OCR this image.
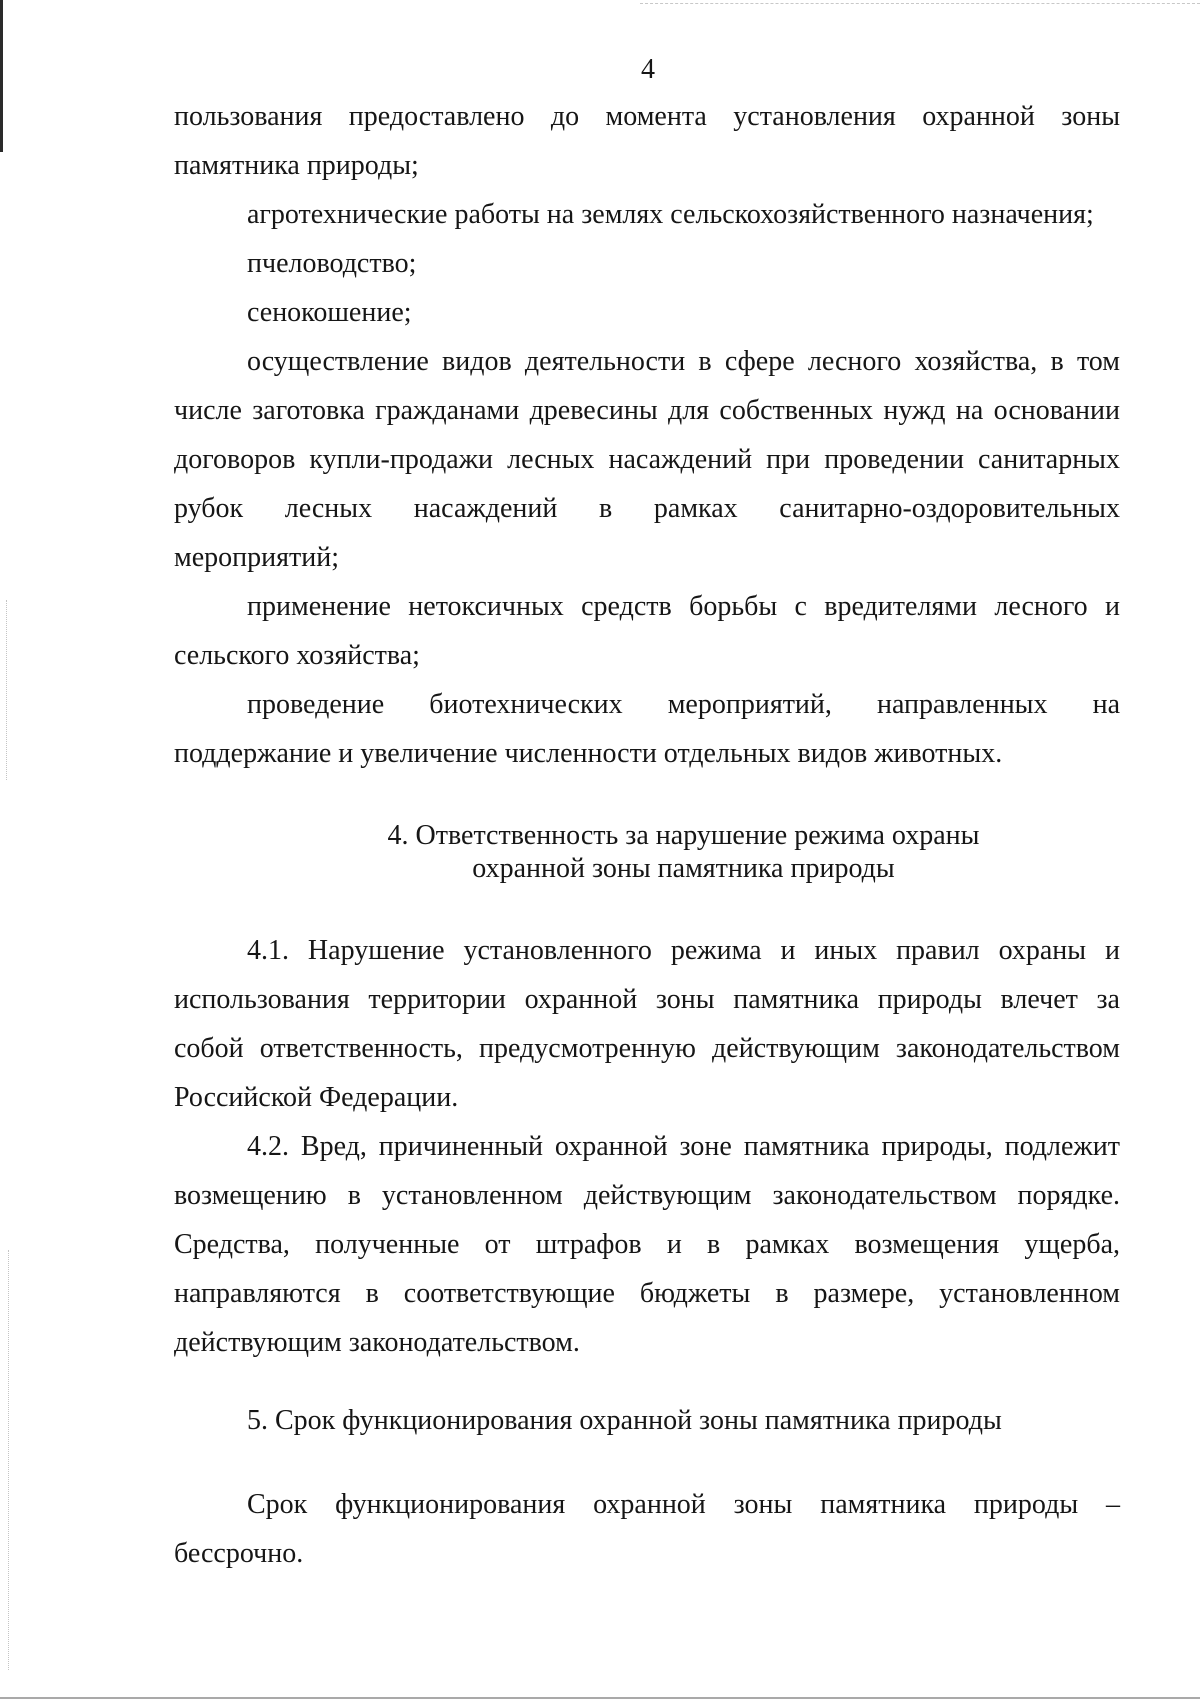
4
пользования предоставлено до момента установления охранной зоны
памятника природы;
агротехнические работы на землях сельскохозяйственного назначения;
пчеловодство;
сенокошение;
осуществление видов деятельности в сфере лесного хозяйства, в том
числе заготовка гражданами древесины для собственных нужд на основании
договоров купли-продажи лесных насаждений при проведении санитарных
рубок лесных насаждений в рамках санитарно-оздоровительных
мероприятий;
применение нетоксичных средств борьбы с вредителями лесного и
сельского хозяйства;
проведение биотехнических мероприятий, направленных на
поддержание и увеличение численности отдельных видов животных.
4. Ответственность за нарушение режима охраны
охранной зоны памятника природы
4.1. Нарушение установленного режима и иных правил охраны и
использования территории охранной зоны памятника природы влечет за
собой ответственность, предусмотренную действующим законодательством
Российской Федерации.
4.2. Вред, причиненный охранной зоне памятника природы, подлежит
возмещению в установленном действующим законодательством порядке.
Средства, полученные от штрафов и в рамках возмещения ущерба,
направляются в соответствующие бюджеты в размере, установленном
действующим законодательством.
5. Срок функционирования охранной зоны памятника природы
Срок функционирования охранной зоны памятника природы –
бессрочно.
